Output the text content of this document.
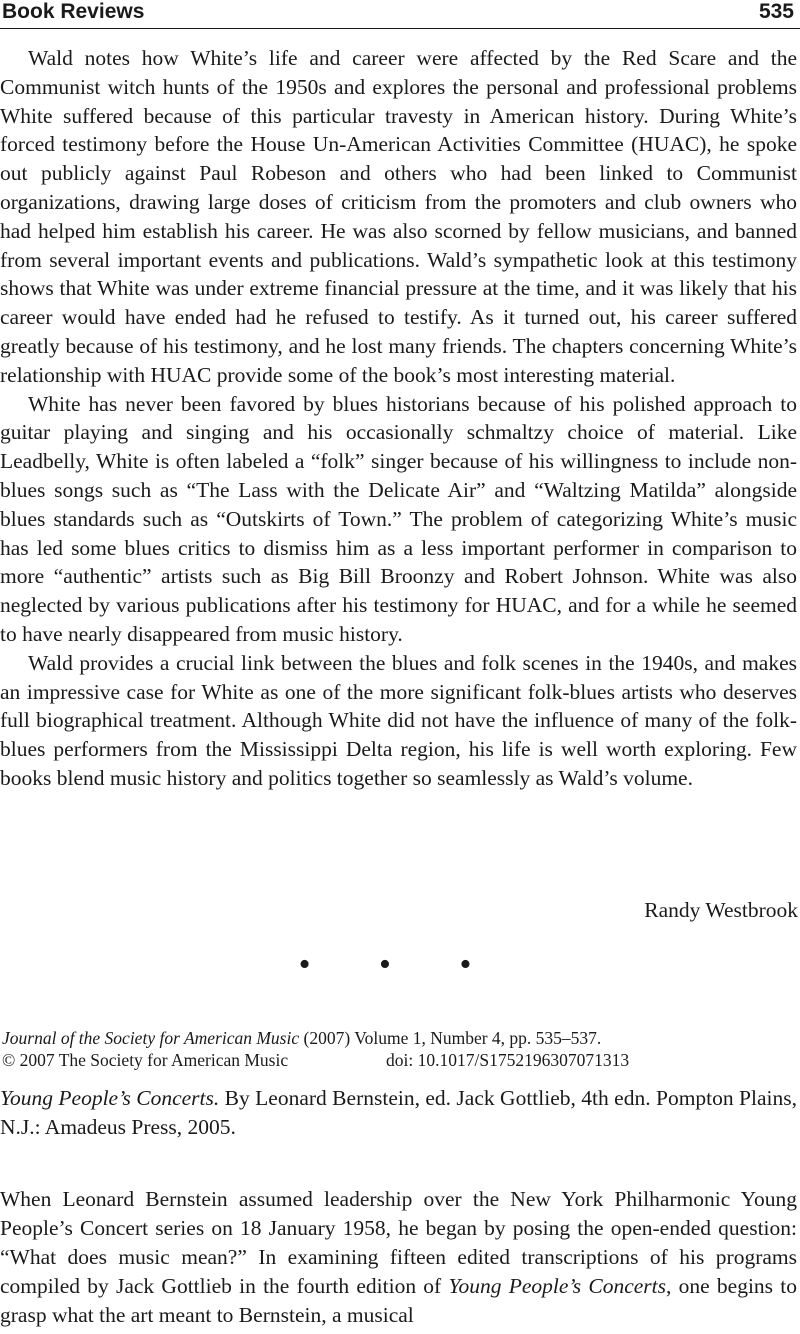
Book Reviews	535

Wald notes how White’s life and career were affected by the Red Scare and the Communist witch hunts of the 1950s and explores the personal and professional problems White suffered because of this particular travesty in American history. During White’s forced testimony before the House Un-American Activities Committee (HUAC), he spoke out publicly against Paul Robeson and others who had been linked to Communist organizations, drawing large doses of criticism from the promoters and club owners who had helped him establish his career. He was also scorned by fellow musicians, and banned from several important events and publications. Wald’s sympathetic look at this testimony shows that White was under extreme financial pressure at the time, and it was likely that his career would have ended had he refused to testify. As it turned out, his career suffered greatly because of his testimony, and he lost many friends. The chapters concerning White’s relationship with HUAC provide some of the book’s most interesting material.

White has never been favored by blues historians because of his polished approach to guitar playing and singing and his occasionally schmaltzy choice of material. Like Leadbelly, White is often labeled a “folk” singer because of his willingness to include non-blues songs such as “The Lass with the Delicate Air” and “Waltzing Matilda” alongside blues standards such as “Outskirts of Town.” The problem of categorizing White’s music has led some blues critics to dismiss him as a less important performer in comparison to more “authentic” artists such as Big Bill Broonzy and Robert Johnson. White was also neglected by various publications after his testimony for HUAC, and for a while he seemed to have nearly disappeared from music history.

Wald provides a crucial link between the blues and folk scenes in the 1940s, and makes an impressive case for White as one of the more significant folk-blues artists who deserves full biographical treatment. Although White did not have the influence of many of the folk-blues performers from the Mississippi Delta region, his life is well worth exploring. Few books blend music history and politics together so seamlessly as Wald’s volume.

Randy Westbrook
• • •
Journal of the Society for American Music (2007) Volume 1, Number 4, pp. 535–537.
© 2007 The Society for American Music	doi: 10.1017/S1752196307071313
Young People’s Concerts. By Leonard Bernstein, ed. Jack Gottlieb, 4th edn. Pompton Plains, N.J.: Amadeus Press, 2005.
When Leonard Bernstein assumed leadership over the New York Philharmonic Young People’s Concert series on 18 January 1958, he began by posing the open-ended question: “What does music mean?” In examining fifteen edited transcriptions of his programs compiled by Jack Gottlieb in the fourth edition of Young People’s Concerts, one begins to grasp what the art meant to Bernstein, a musical
